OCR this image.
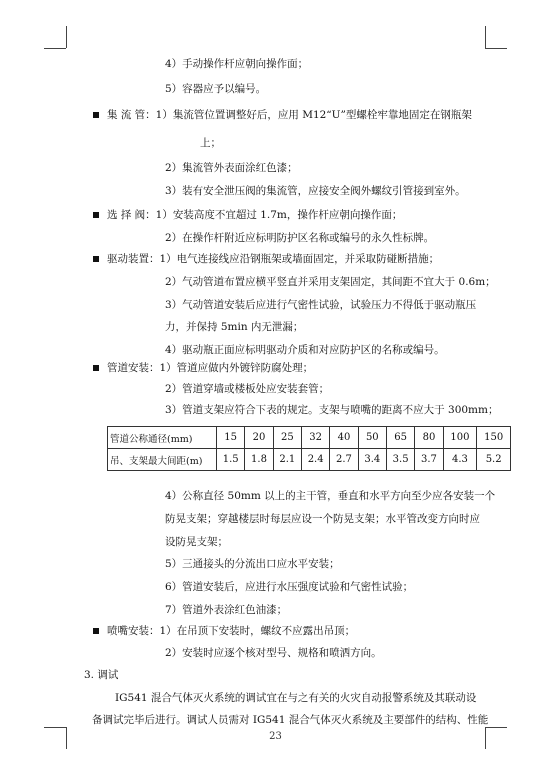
4）手动操作杆应朝向操作面；
5）容器应予以编号。
集 流 管：1）集流管位置调整好后，应用 M12“U”型螺栓牢靠地固定在钢瓶架
上；
2）集流管外表面涂红色漆；
3）装有安全泄压阀的集流管，应接安全阀外螺纹引管接到室外。
选 择 阀：1）安装高度不宜超过 1.7m，操作杆应朝向操作面；
2）在操作杆附近应标明防护区名称或编号的永久性标牌。
驱动装置：1）电气连接线应沿钢瓶架或墙面固定，并采取防碰断措施；
2）气动管道布置应横平竖直并采用支架固定，其间距不宜大于 0.6m；
3）气动管道安装后应进行气密性试验，试验压力不得低于驱动瓶压
力，并保持 5min 内无泄漏；
4）驱动瓶正面应标明驱动介质和对应防护区的名称或编号。
管道安装：1）管道应做内外镀锌防腐处理；
2）管道穿墙或楼板处应安装套管；
3）管道支架应符合下表的规定。支架与喷嘴的距离不应大于 300mm；
管道公称通径(mm)	15	20	25	32	40	50	65	80	100	150
吊、支架最大间距(m)	1.5	1.8	2.1	2.4	2.7	3.4	3.5	3.7	4.3	5.2
4）公称直径 50mm 以上的主干管，垂直和水平方向至少应各安装一个
防晃支架；穿越楼层时每层应设一个防晃支架；水平管改变方向时应
设防晃支架；
5）三通接头的分流出口应水平安装；
6）管道安装后，应进行水压强度试验和气密性试验；
7）管道外表涂红色油漆；
喷嘴安装：1）在吊顶下安装时，螺纹不应露出吊顶；
2）安装时应逐个核对型号、规格和喷洒方向。
3. 调试
IG541 混合气体灭火系统的调试宜在与之有关的火灾自动报警系统及其联动设
备调试完毕后进行。调试人员需对 IG541 混合气体灭火系统及主要部件的结构、性能
23
